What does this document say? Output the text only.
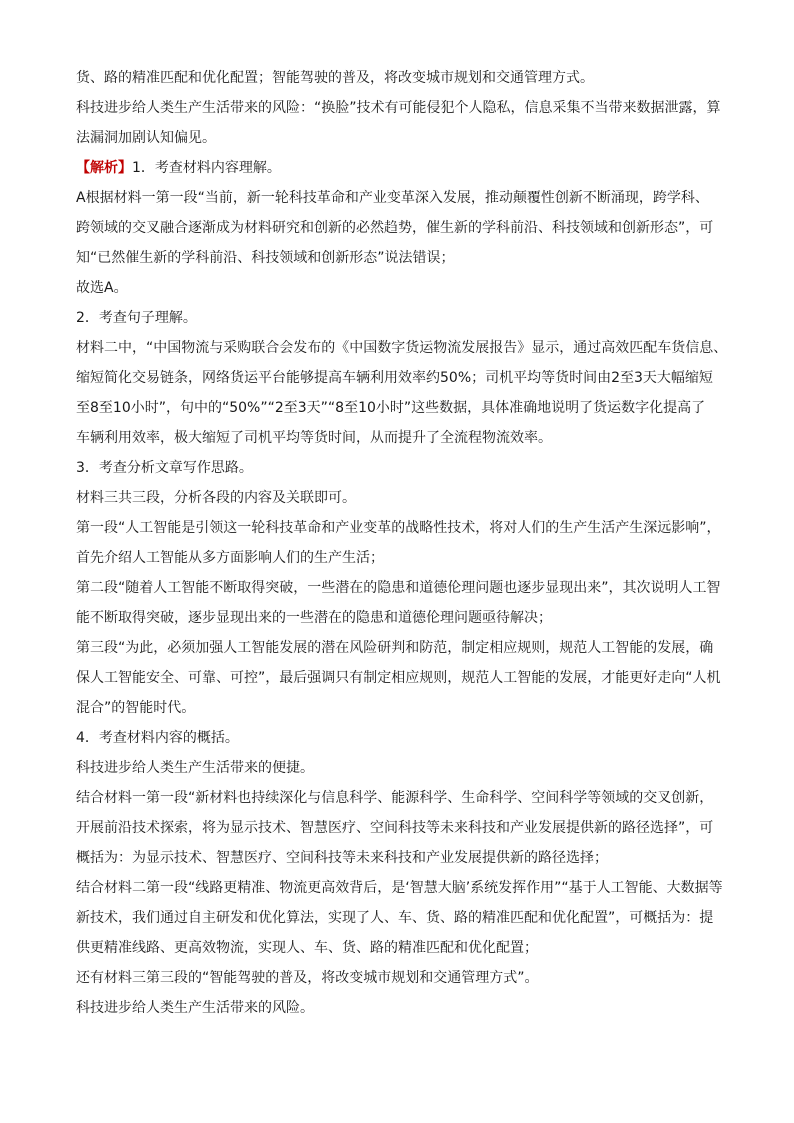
货、路的精准匹配和优化配置；智能驾驶的普及，将改变城市规划和交通管理方式。

科技进步给人类生产生活带来的风险：“换脸”技术有可能侵犯个人隐私，信息采集不当带来数据泄露，算

法漏洞加剧认知偏见。

【解析】1．考查材料内容理解。

A根据材料一第一段“当前，新一轮科技革命和产业变革深入发展，推动颠覆性创新不断涌现，跨学科、

跨领域的交叉融合逐渐成为材料研究和创新的必然趋势，催生新的学科前沿、科技领域和创新形态”，可

知“已然催生新的学科前沿、科技领域和创新形态”说法错误；

故选A。

2．考查句子理解。

材料二中，“中国物流与采购联合会发布的《中国数字货运物流发展报告》显示，通过高效匹配车货信息、

缩短简化交易链条，网络货运平台能够提高车辆利用效率约50%；司机平均等货时间由2至3天大幅缩短

至8至10小时”，句中的“50%”“2至3天”“8至10小时”这些数据，具体准确地说明了货运数字化提高了

车辆利用效率，极大缩短了司机平均等货时间，从而提升了全流程物流效率。

3．考查分析文章写作思路。

材料三共三段，分析各段的内容及关联即可。

第一段“人工智能是引领这一轮科技革命和产业变革的战略性技术，将对人们的生产生活产生深远影响”，

首先介绍人工智能从多方面影响人们的生产生活；

第二段“随着人工智能不断取得突破，一些潜在的隐患和道德伦理问题也逐步显现出来”，其次说明人工智

能不断取得突破，逐步显现出来的一些潜在的隐患和道德伦理问题亟待解决；

第三段“为此，必须加强人工智能发展的潜在风险研判和防范，制定相应规则，规范人工智能的发展，确

保人工智能安全、可靠、可控”，最后强调只有制定相应规则，规范人工智能的发展，才能更好走向“人机

混合”的智能时代。

4．考查材料内容的概括。

科技进步给人类生产生活带来的便捷。

结合材料一第一段“新材料也持续深化与信息科学、能源科学、生命科学、空间科学等领域的交叉创新，

开展前沿技术探索，将为显示技术、智慧医疗、空间科技等未来科技和产业发展提供新的路径选择”，可

概括为：为显示技术、智慧医疗、空间科技等未来科技和产业发展提供新的路径选择；

结合材料二第一段“线路更精准、物流更高效背后，是‘智慧大脑’系统发挥作用”“基于人工智能、大数据等

新技术，我们通过自主研发和优化算法，实现了人、车、货、路的精准匹配和优化配置”，可概括为：提

供更精准线路、更高效物流，实现人、车、货、路的精准匹配和优化配置；

还有材料三第三段的“智能驾驶的普及，将改变城市规划和交通管理方式”。

科技进步给人类生产生活带来的风险。
